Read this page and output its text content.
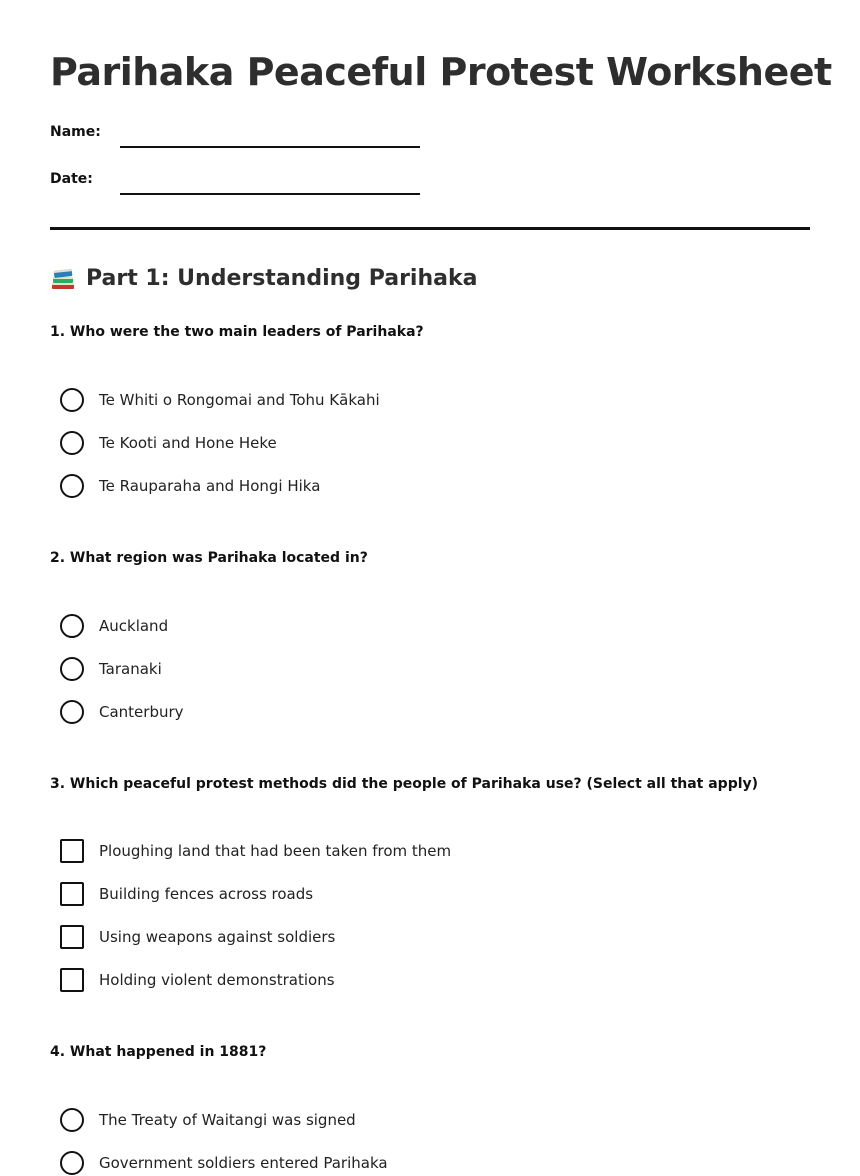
Parihaka Peaceful Protest Worksheet
Name:
Date:
Part 1: Understanding Parihaka

1. Who were the two main leaders of Parihaka?

Te Whiti o Rongomai and Tohu Kākahi
Te Kooti and Hone Heke
Te Rauparaha and Hongi Hika

2. What region was Parihaka located in?

Auckland
Taranaki
Canterbury

3. Which peaceful protest methods did the people of Parihaka use? (Select all that apply)

Ploughing land that had been taken from them
Building fences across roads
Using weapons against soldiers
Holding violent demonstrations

4. What happened in 1881?

The Treaty of Waitangi was signed
Government soldiers entered Parihaka
